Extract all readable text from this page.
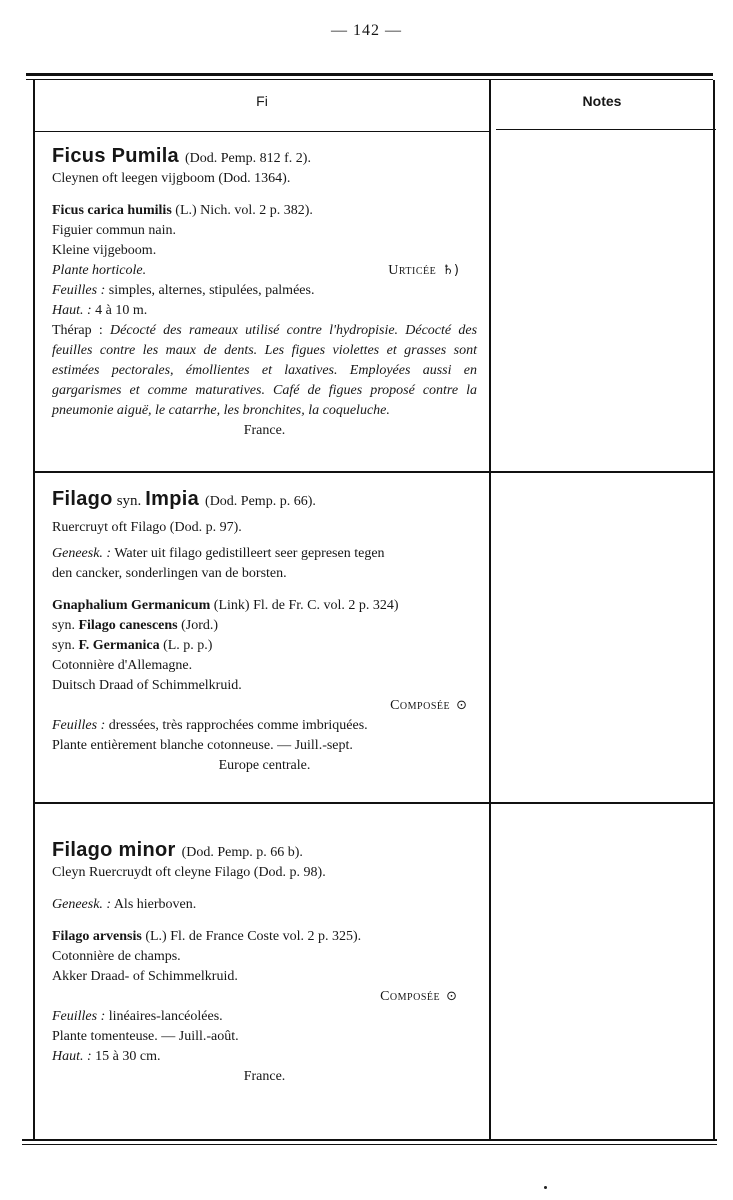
— 142 —
Fi	Notes
Ficus Pumila (Dod. Pemp. 812 f. 2).
Cleynen oft leegen vijgboom (Dod. 1364).
Ficus carica humilis (L.) Nich. vol. 2 p. 382).
Figuier commun nain.
Kleine vijgeboom.
Plante horticole.	Urticée ♄)
Feuilles : simples, alternes, stipulées, palmées.
Haut. : 4 à 10 m.
Thérap : Décocté des rameaux utilisé contre l'hydropisie. Décocté des feuilles contre les maux de dents. Les figues violettes et grasses sont estimées pectorales, émollientes et laxatives. Employées aussi en gargarismes et comme maturatives. Café de figues proposé contre la pneumonie aiguë, le catarrhe, les bronchites, la coqueluche.
France.
Filago syn. Impia (Dod. Pemp. p. 66).
Ruercruyt oft Filago (Dod. p. 97).
Geneesk. : Water uit filago gedistilleert seer gepresen tegen
den cancker, sonderlingen van de borsten.
Gnaphalium Germanicum (Link) Fl. de Fr. C. vol. 2 p. 324)
syn. Filago canescens (Jord.)
syn. F. Germanica (L. p. p.)
Cotonnière d'Allemagne.
Duitsch Draad of Schimmelkruid.
Composée ⊙
Feuilles : dressées, très rapprochées comme imbriquées.
Plante entièrement blanche cotonneuse. — Juill.-sept.
Europe centrale.
Filago minor (Dod. Pemp. p. 66 b).
Cleyn Ruercruydt oft cleyne Filago (Dod. p. 98).
Geneesk. : Als hierboven.
Filago arvensis (L.) Fl. de France Coste vol. 2 p. 325).
Cotonnière de champs.
Akker Draad- of Schimmelkruid.
Composée ⊙
Feuilles : linéaires-lancéolées.
Plante tomenteuse. — Juill.-août.
Haut. : 15 à 30 cm.
France.
